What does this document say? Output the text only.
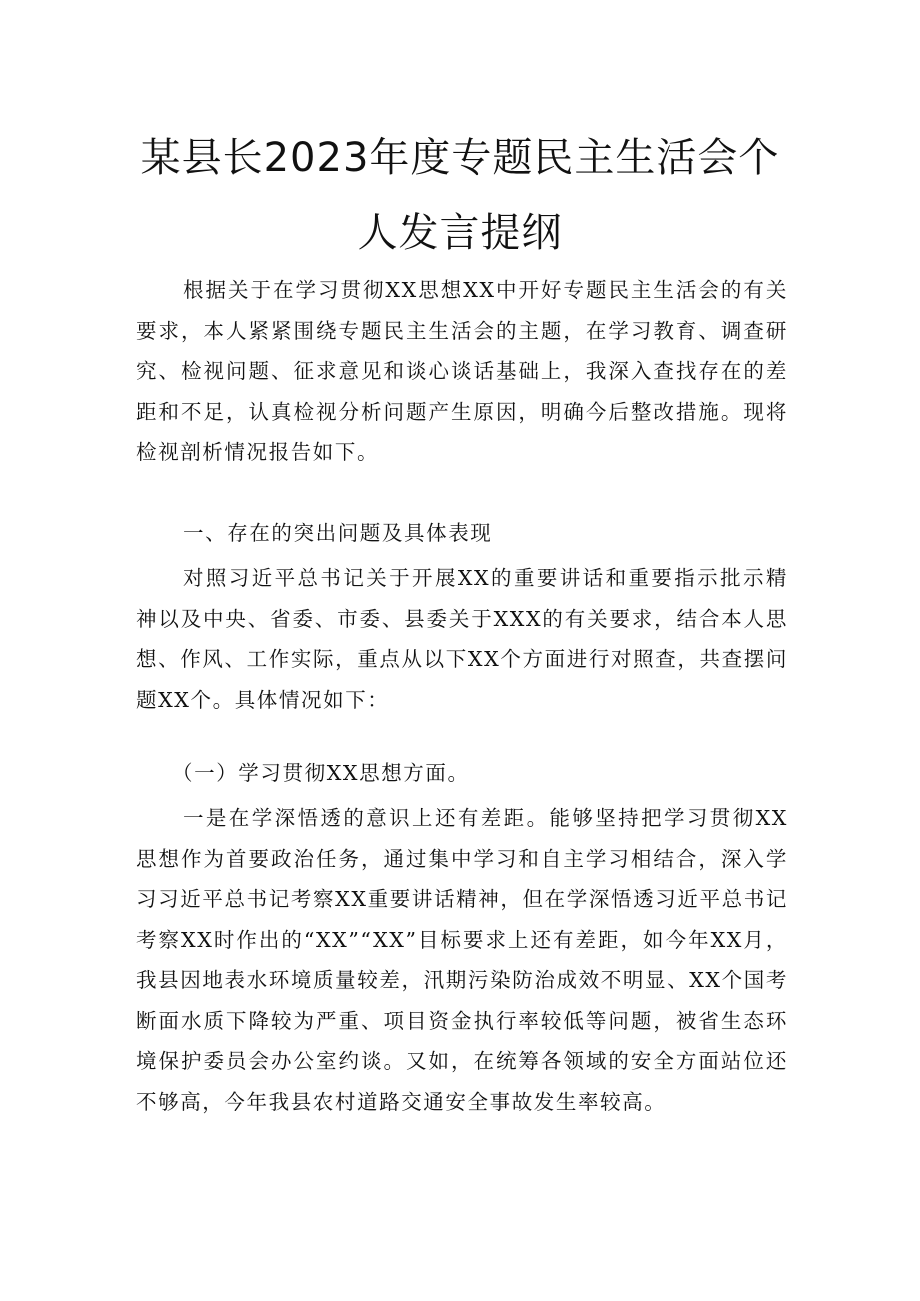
某县长2023年度专题民主生活会个
人发言提纲

根据关于在学习贯彻XX思想XX中开好专题民主生活会的有关要求，本人紧紧围绕专题民主生活会的主题，在学习教育、调查研究、检视问题、征求意见和谈心谈话基础上，我深入查找存在的差距和不足，认真检视分析问题产生原因，明确今后整改措施。现将检视剖析情况报告如下。

一、存在的突出问题及具体表现

对照习近平总书记关于开展XX的重要讲话和重要指示批示精神以及中央、省委、市委、县委关于XXX的有关要求，结合本人思想、作风、工作实际，重点从以下XX个方面进行对照查，共查摆问题XX个。具体情况如下：

（一）学习贯彻XX思想方面。

一是在学深悟透的意识上还有差距。能够坚持把学习贯彻XX思想作为首要政治任务，通过集中学习和自主学习相结合，深入学习习近平总书记考察XX重要讲话精神，但在学深悟透习近平总书记考察XX时作出的“XX”“XX”目标要求上还有差距，如今年XX月，我县因地表水环境质量较差，汛期污染防治成效不明显、XX个国考断面水质下降较为严重、项目资金执行率较低等问题，被省生态环境保护委员会办公室约谈。又如，在统筹各领域的安全方面站位还不够高，今年我县农村道路交通安全事故发生率较高。
